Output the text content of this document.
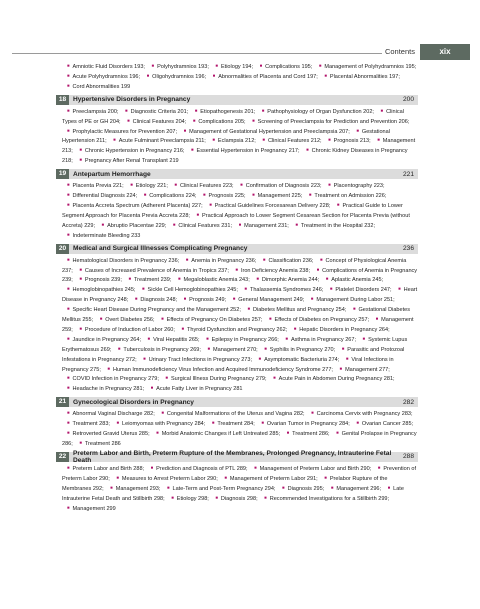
Contents	xix
■ Amniotic Fluid Disorders 193; ■ Polyhydramnios 193; ■ Etiology 194; ■ Complications 195; ■ Management of Polyhydramnios 195; ■ Acute Polyhydramnios 196; ■ Oligohydramnios 196; ■ Abnormalities of Placenta and Cord 197; ■ Placental Abnormalities 197; ■ Cord Abnormalities 199
18	Hypertensive Disorders in Pregnancy	200
■ Preeclampsia 200; ■ Diagnostic Criteria 201; ■ Etiopathogenesis 201; ■ Pathophysiology of Organ Dysfunction 202; ■ Clinical Types of PE or GH 204; ■ Clinical Features 204; ■ Complications 205; ■ Screening of Preeclampsia for Prediction and Prevention 206; ■ Prophylactic Measures for Prevention 207; ■ Management of Gestational Hypertension and Preeclampsia 207; ■ Gestational Hypertension 211; ■ Acute Fulminant Preeclampsia 211; ■ Eclampsia 212; ■ Clinical Features 212; ■ Prognosis 213; ■ Management 213; ■ Chronic Hypertension in Pregnancy 216; ■ Essential Hypertension in Pregnancy 217; ■ Chronic Kidney Diseases in Pregnancy 218; ■ Pregnancy After Renal Transplant 219
19	Antepartum Hemorrhage	221
■ Placenta Previa 221; ■ Etiology 221; ■ Clinical Features 223; ■ Confirmation of Diagnosis 223; ■ Placentography 223; ■ Differential Diagnosis 224; ■ Complications 224; ■ Prognosis 225; ■ Management 225; ■ Treatment on Admission 226; ■ Placenta Accreta Spectrum (Adherent Placenta) 227; ■ Practical Guidelines Forcesarean Delivery 228; ■ Practical Guide to Lower Segment Approach for Placenta Previa Accreta 228; ■ Practical Approach to Lower Segment Cesarean Section for Placenta Previa (without Accreta) 229; ■ Abruptio Placentae 229; ■ Clinical Features 231; ■ Management 231; ■ Treatment in the Hospital 232; ■ Indeterminate Bleeding 233
20	Medical and Surgical Illnesses Complicating Pregnancy	236
■ Hematological Disorders in Pregnancy 236; ■ Anemia in Pregnancy 236; ■ Classification 236; ■ Concept of Physiological Anemia 237; ■ Causes of Increased Prevalence of Anemia in Tropics 237; ■ Iron Deficiency Anemia 238; ■ Complications of Anemia in Pregnancy 239; ■ Prognosis 239; ■ Treatment 239; ■ Megaloblastic Anemia 243; ■ Dimorphic Anemia 244; ■ Aplastic Anemia 245; ■ Hemoglobinopathies 245; ■ Sickle Cell Hemoglobinopathies 245; ■ Thalassemia Syndromes 246; ■ Platelet Disorders 247; ■ Heart Disease in Pregnancy 248; ■ Diagnosis 248; ■ Prognosis 249; ■ General Management 249; ■ Management During Labor 251; ■ Specific Heart Disease During Pregnancy and the Management 252; ■ Diabetes Mellitus and Pregnancy 254; ■ Gestational Diabetes Mellitus 255; ■ Overt Diabetes 256; ■ Effects of Pregnancy On Diabetes 257; ■ Effects of Diabetes on Pregnancy 257; ■ Management 259; ■ Procedure of Induction of Labor 260; ■ Thyroid Dysfunction and Pregnancy 262; ■ Hepatic Disorders in Pregnancy 264; ■ Jaundice in Pregnancy 264; ■ Viral Hepatitis 265; ■ Epilepsy in Pregnancy 266; ■ Asthma in Pregnancy 267; ■ Systemic Lupus Erythematosus 269; ■ Tuberculosis in Pregnancy 269; ■ Management 270; ■ Syphilis in Pregnancy 270; ■ Parasitic and Protozoal Infestations in Pregnancy 272; ■ Urinary Tract Infections in Pregnancy 273; ■ Asymptomatic Bacteriuria 274; ■ Viral Infections in Pregnancy 275; ■ Human Immunodeficiency Virus Infection and Acquired Immunodeficiency Syndrome 277; ■ Management 277; ■ COVID Infection in Pregnancy 279; ■ Surgical Illness During Pregnancy 279; ■ Acute Pain in Abdomen During Pregnancy 281; ■ Headache in Pregnancy 281; ■ Acute Fatty Liver in Pregnancy 281
21	Gynecological Disorders in Pregnancy	282
■ Abnormal Vaginal Discharge 282; ■ Congenital Malformations of the Uterus and Vagina 282; ■ Carcinoma Cervix with Pregnancy 283; ■ Treatment 283; ■ Leiomyomas with Pregnancy 284; ■ Treatment 284; ■ Ovarian Tumor in Pregnancy 284; ■ Ovarian Cancer 285; ■ Retroverted Gravid Uterus 285; ■ Morbid Anatomic Changes if Left Untreated 285; ■ Treatment 286; ■ Genital Prolapse in Pregnancy 286; ■ Treatment 286
22	Preterm Labor and Birth, Preterm Rupture of the Membranes, Prolonged Pregnancy, Intrauterine Fetal Death	288
■ Preterm Labor and Birth 288; ■ Prediction and Diagnosis of PTL 289; ■ Management of Preterm Labor and Birth 290; ■ Prevention of Preterm Labor 290; ■ Measures to Arrest Preterm Labor 290; ■ Management of Preterm Labor 291; ■ Prelabor Rupture of the Membranes 292; ■ Management 293; ■ Late-Term and Post-Term Pregnancy 294; ■ Diagnosis 295; ■ Management 296; ■ Late Intrauterine Fetal Death and Stillbirth 298; ■ Etiology 298; ■ Diagnosis 298; ■ Recommended Investigations for a Stillbirth 299; ■ Management 299
